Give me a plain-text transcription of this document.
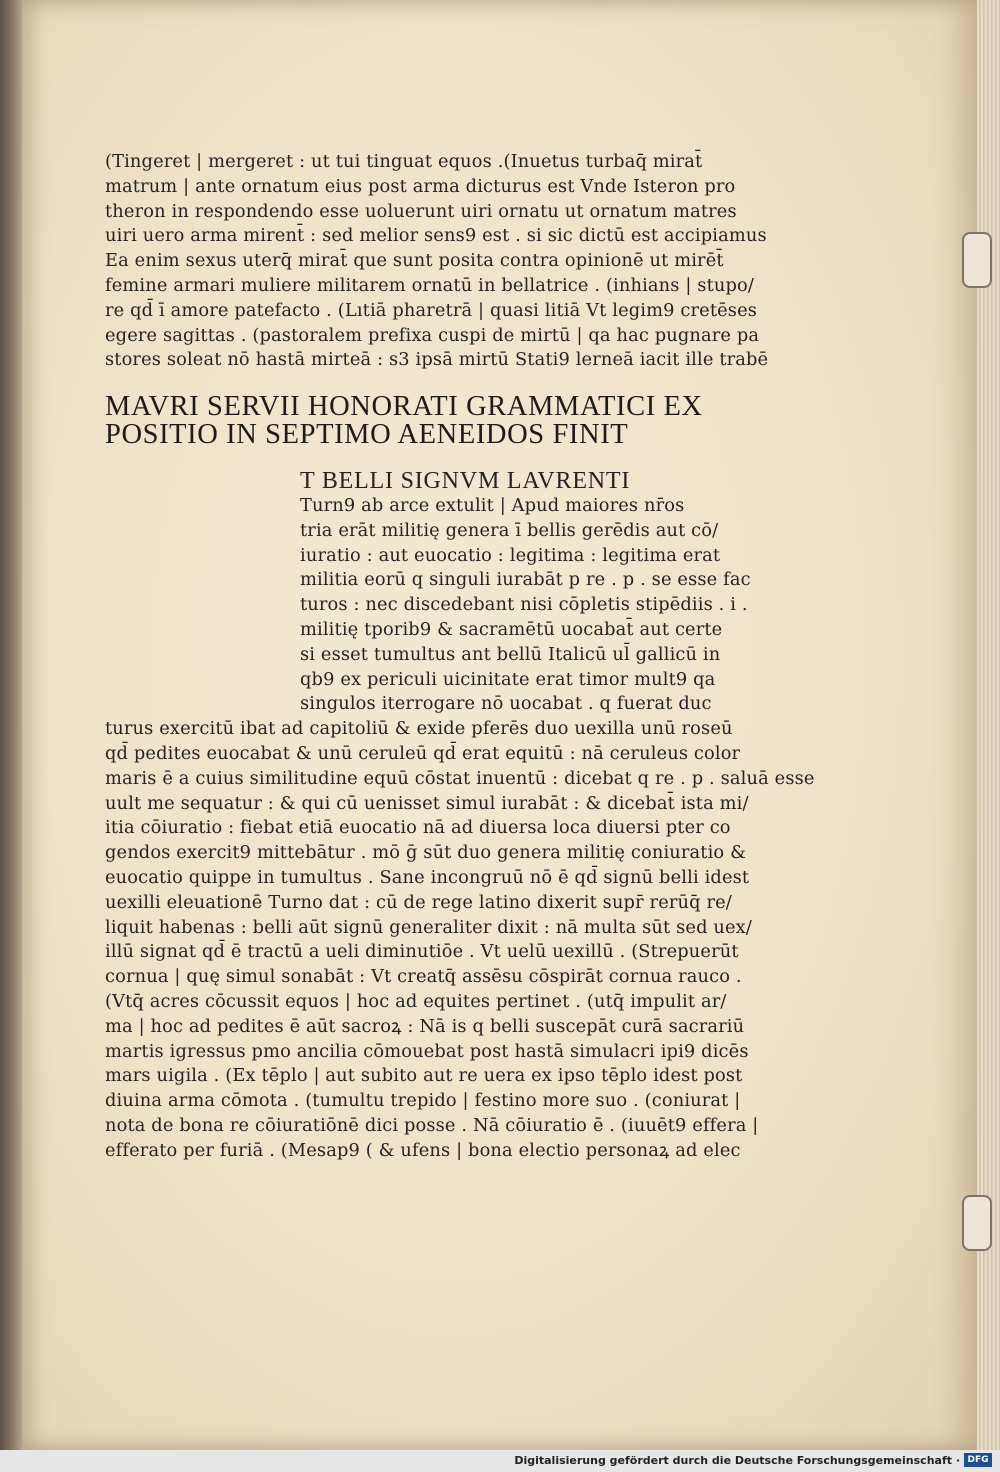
(Tingeret | mergeret : ut tui tinguat equos .(Inuetus turbaq̄ mirat̄
matrum | ante ornatum eius post arma dicturus est Vnde Isteron pro
theron in respondendo esse uoluerunt uiri ornatu ut ornatum matres
uiri uero arma mirent̄ : sed melior sens9 est . si sic dictū est accipiamus
Ea enim sexus uterq̄ mirat̄ que sunt posita contra opinionē ut mirēt̄
femine armari muliere militarem ornatū in bellatrice . (inhians | stupo/
re qd̄ ī amore patefacto . (Lıtiā pharetrā | quasi litiā Vt legim9 cretēses
egere sagittas . (pastoralem prefixa cuspi de mirtū | qa hac pugnare pa
stores soleat nō hastā mirteā : s3 ipsā mirtū Stati9 lerneā iacit ille trabē
MAVRI SERVII HONORATI GRAMMATICI EX
POSITIO IN SEPTIMO AENEIDOS FINIT
T BELLI SIGNVM LAVRENTI
Turn9 ab arce extulit | Apud maiores nr̄os
tria erāt militię genera ī bellis gerēdis aut cō/
iuratio : aut euocatio : legitima : legitima erat
militia eorū q singuli iurabāt p re . p . se esse fac
turos : nec discedebant nisi cōpletis stipēdiis . i .
militię tporib9 & sacramētū uocabat̄ aut certe
si esset tumultus ant bellū Italicū ul̄ gallicū in
qb9 ex periculi uicinitate erat timor mult9 qa
singulos iterrogare nō uocabat . q fuerat duc
turus exercitū ibat ad capitoliū & exide pferēs duo uexilla unū roseū
qd̄ pedites euocabat & unū ceruleū qd̄ erat equitū : nā ceruleus color
maris ē a cuius similitudine equū cōstat inuentū : dicebat q re . p . saluā esse
uult me sequatur : & qui cū uenisset simul iurabāt : & dicebat̄ ista mi/
itia cōiuratio : fiebat etiā euocatio nā ad diuersa loca diuersi pter co
gendos exercit9 mittebātur . mō ḡ sūt duo genera militię coniuratio &
euocatio quippe in tumultus . Sane incongruū nō ē qd̄ signū belli idest
uexilli eleuationē Turno dat : cū de rege latino dixerit supr̄ rerūq̄ re/
liquit habenas : belli aūt signū generaliter dixit : nā multa sūt sed uex/
illū signat qd̄ ē tractū a ueli diminutiōe . Vt uelū uexillū . (Strepuerūt
cornua | quę simul sonabāt : Vt creatq̄ assēsu cōspirāt cornua rauco .
(Vtq̄ acres cōcussit equos | hoc ad equites pertinet . (utq̄ impulit ar/
ma | hoc ad pedites ē aūt sacroꝝ : Nā is q belli suscepāt curā sacrariū
martis igressus pmo ancilia cōmouebat post hastā simulacri ipi9 dicēs
mars uigila . (Ex tēplo | aut subito aut re uera ex ipso tēplo idest post
diuina arma cōmota . (tumultu trepido | festino more suo . (coniurat |
nota de bona re cōiuratiōnē dici posse . Nā cōiuratio ē . (iuuēt9 effera |
efferato per furiā . (Mesap9 ( & ufens | bona electio personaꝝ ad elec
Digitalisierung gefördert durch die Deutsche Forschungsgemeinschaft · DFG
